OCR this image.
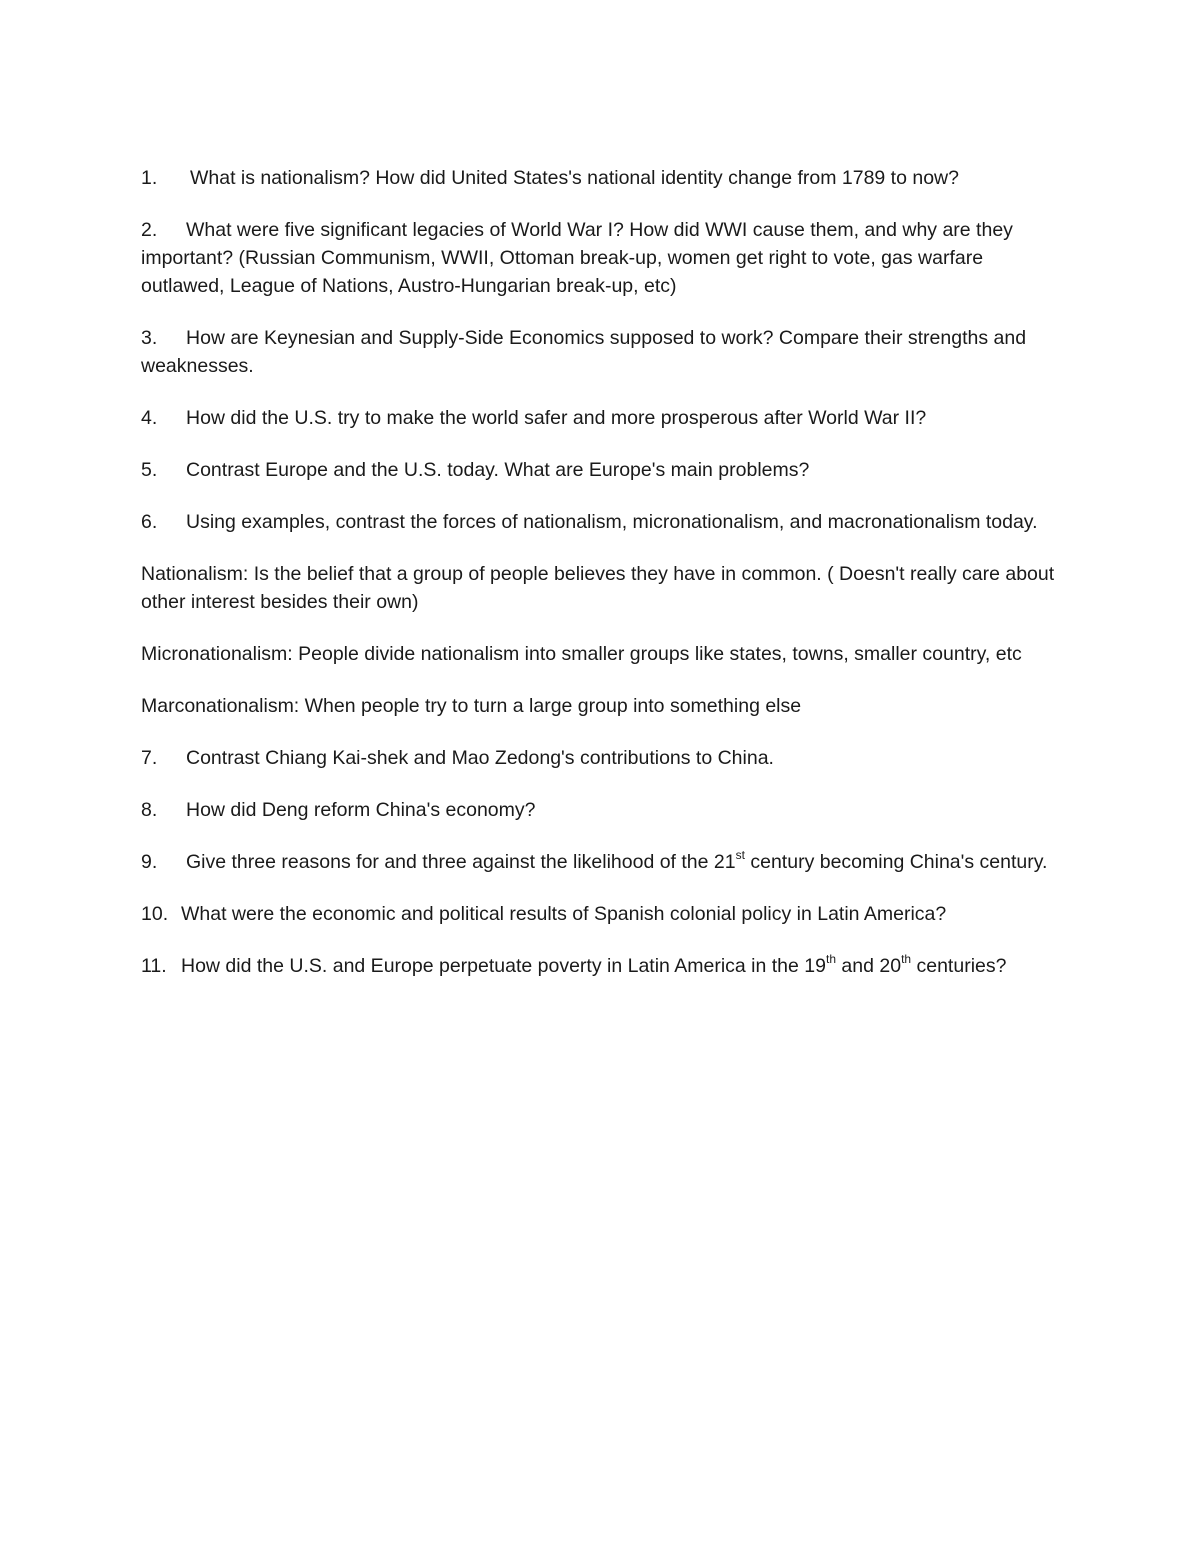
1. What is nationalism? How did United States's national identity change from 1789 to now?

2. What were five significant legacies of World War I? How did WWI cause them, and why are they important? (Russian Communism, WWII, Ottoman break-up, women get right to vote, gas warfare outlawed, League of Nations, Austro-Hungarian break-up, etc)

3. How are Keynesian and Supply-Side Economics supposed to work? Compare their strengths and weaknesses.

4. How did the U.S. try to make the world safer and more prosperous after World War II?

5. Contrast Europe and the U.S. today. What are Europe's main problems?

6. Using examples, contrast the forces of nationalism, micronationalism, and macronationalism today.

Nationalism: Is the belief that a group of people believes they have in common. ( Doesn't really care about other interest besides their own)

Micronationalism: People divide nationalism into smaller groups like states, towns, smaller country, etc

Marconationalism: When people try to turn a large group into something else

7. Contrast Chiang Kai-shek and Mao Zedong's contributions to China.

8. How did Deng reform China's economy?

9. Give three reasons for and three against the likelihood of the 21st century becoming China's century.

10. What were the economic and political results of Spanish colonial policy in Latin America?

11. How did the U.S. and Europe perpetuate poverty in Latin America in the 19th and 20th centuries?
